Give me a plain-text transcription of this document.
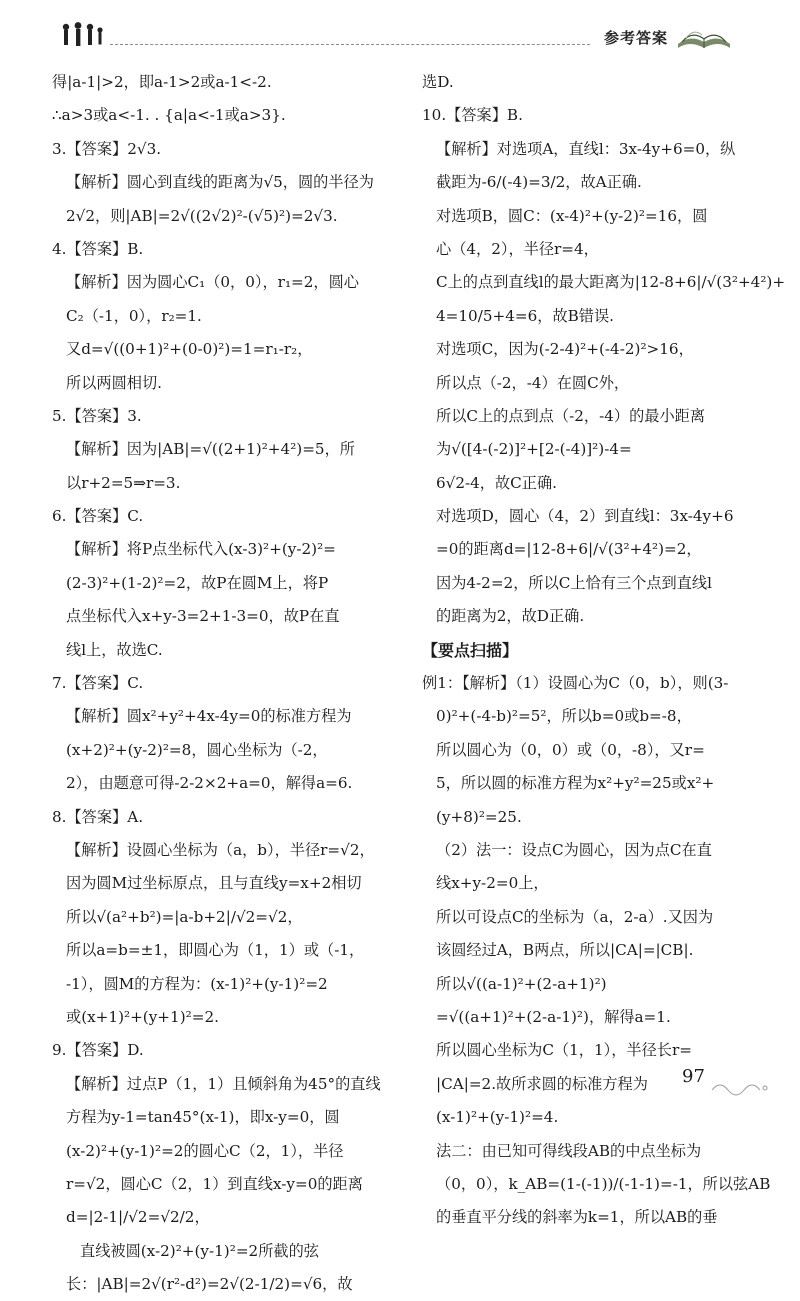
参考答案
得|a-1|>2，即a-1>2或a-1<-2.
∴a>3或a<-1. . {a|a<-1或a>3}.
3.【答案】2√3.
【解析】圆心到直线的距离为√5，圆的半径为
2√2，则|AB|=2√((2√2)²-(√5)²)=2√3.
4.【答案】B.
【解析】因为圆心C₁（0，0），r₁=2，圆心
C₂（-1，0），r₂=1.
又d=√((0+1)²+(0-0)²)=1=r₁-r₂，
所以两圆相切.
5.【答案】3.
【解析】因为|AB|=√((2+1)²+4²)=5，所
以r+2=5⇒r=3.
6.【答案】C.
【解析】将P点坐标代入(x-3)²+(y-2)²=
(2-3)²+(1-2)²=2，故P在圆M上，将P
点坐标代入x+y-3=2+1-3=0，故P在直
线l上，故选C.
7.【答案】C.
【解析】圆x²+y²+4x-4y=0的标准方程为
(x+2)²+(y-2)²=8，圆心坐标为（-2，
2），由题意可得-2-2×2+a=0，解得a=6.
8.【答案】A.
【解析】设圆心坐标为（a，b），半径r=√2，
因为圆M过坐标原点，且与直线y=x+2相切
所以√(a²+b²)=|a-b+2|/√2=√2，
所以a=b=±1，即圆心为（1，1）或（-1，
-1），圆M的方程为：(x-1)²+(y-1)²=2
或(x+1)²+(y+1)²=2.
9.【答案】D.
【解析】过点P（1，1）且倾斜角为45°的直线
方程为y-1=tan45°(x-1)，即x-y=0，圆
(x-2)²+(y-1)²=2的圆心C（2，1），半径
r=√2，圆心C（2，1）到直线x-y=0的距离
d=|2-1|/√2=√2/2，
直线被圆(x-2)²+(y-1)²=2所截的弦
长：|AB|=2√(r²-d²)=2√(2-1/2)=√6，故
选D.
10.【答案】B.
【解析】对选项A，直线l：3x-4y+6=0，纵
截距为-6/(-4)=3/2，故A正确.
对选项B，圆C：(x-4)²+(y-2)²=16，圆
心（4，2），半径r=4，
C上的点到直线l的最大距离为|12-8+6|/√(3²+4²)+
4=10/5+4=6，故B错误.
对选项C，因为(-2-4)²+(-4-2)²>16，
所以点（-2，-4）在圆C外，
所以C上的点到点（-2，-4）的最小距离
为√([4-(-2)]²+[2-(-4)]²)-4=
6√2-4，故C正确.
对选项D，圆心（4，2）到直线l：3x-4y+6
=0的距离d=|12-8+6|/√(3²+4²)=2，
因为4-2=2，所以C上恰有三个点到直线l
的距离为2，故D正确.
【要点扫描】
例1：【解析】（1）设圆心为C（0，b），则(3-
0)²+(-4-b)²=5²，所以b=0或b=-8，
所以圆心为（0，0）或（0，-8），又r=
5，所以圆的标准方程为x²+y²=25或x²+
(y+8)²=25.
（2）法一：设点C为圆心，因为点C在直
线x+y-2=0上，
所以可设点C的坐标为（a，2-a）.又因为
该圆经过A，B两点，所以|CA|=|CB|.
所以√((a-1)²+(2-a+1)²)
=√((a+1)²+(2-a-1)²)，解得a=1.
所以圆心坐标为C（1，1），半径长r=
|CA|=2.故所求圆的标准方程为
(x-1)²+(y-1)²=4.
法二：由已知可得线段AB的中点坐标为
（0，0），k_AB=(1-(-1))/(-1-1)=-1，所以弦AB
的垂直平分线的斜率为k=1，所以AB的垂
97
